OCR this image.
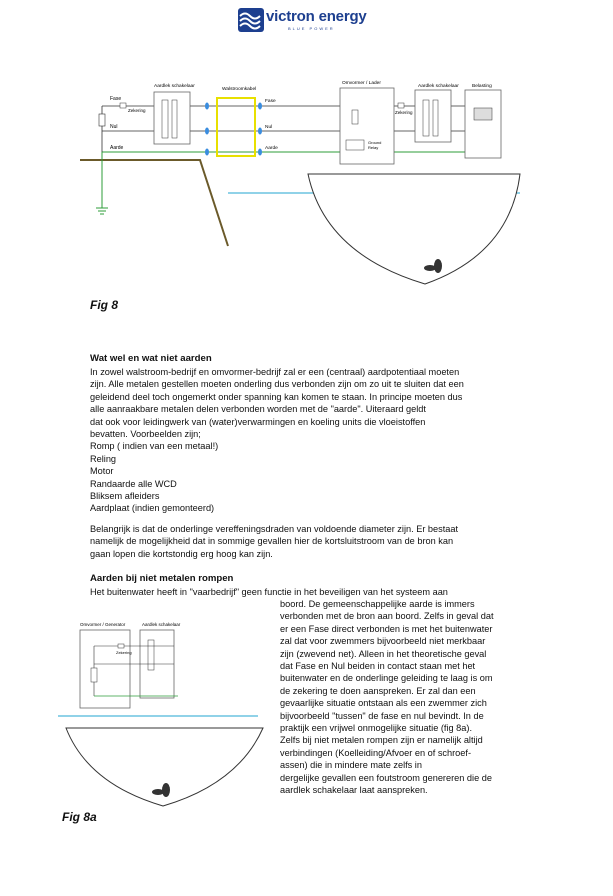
victron energy
BLUE POWER
Fase
Nul
Aarde
Zekering
Aardlek schakelaar
Walstroomkabel
Fase
Nul
Aarde
Omvormer / Lader
Ground
Relay
Aardlek schakelaar
Zekering
Belasting
Fig 8
Wat wel en wat niet aarden

In zowel walstroom-bedrijf en omvormer-bedrijf zal er een (centraal) aardpotentiaal moeten

zijn. Alle metalen gestellen moeten onderling dus verbonden zijn om zo uit te sluiten dat een

geleidend deel toch ongemerkt onder spanning kan komen te staan. In principe moeten dus

alle aanraakbare metalen delen verbonden worden met de "aarde". Uiteraard geldt

dat ook voor leidingwerk van (water)verwarmingen en koeling units die vloeistoffen

bevatten. Voorbeelden zijn;

Romp ( indien van een metaal!)

Reling

Motor

Randaarde alle WCD

Bliksem afleiders

Aardplaat (indien gemonteerd)

Belangrijk is dat de onderlinge vereffeningsdraden van voldoende diameter zijn. Er bestaat

namelijk de mogelijkheid dat in sommige gevallen hier de kortsluitstroom van de bron kan

gaan lopen die kortstondig erg hoog kan zijn.

Aarden bij niet metalen rompen
Het buitenwater heeft in "vaarbedrijf" geen functie in het beveiligen van het systeem aan

boord. De gemeenschappelijke aarde is immers

verbonden met de bron aan boord. Zelfs in geval dat

er een Fase direct verbonden is met het buitenwater

zal dat voor zwemmers bijvoorbeeld niet merkbaar

zijn (zwevend net). Alleen in het theoretische geval

dat Fase en Nul beiden in contact staan met het

buitenwater en de onderlinge geleiding te laag is om

de zekering te doen aanspreken. Er zal dan een

gevaarlijke situatie ontstaan als een zwemmer zich

bijvoorbeeld "tussen" de fase en nul bevindt. In de

praktijk een vrijwel onmogelijke situatie (fig 8a).

Zelfs bij niet metalen rompen zijn er namelijk altijd

verbindingen (Koelleiding/Afvoer en of schroef-

assen) die in mindere mate zelfs in

dergelijke gevallen een foutstroom genereren die de

aardlek schakelaar laat aanspreken.

Omvormer / Generator	Aardlek schakelaar
Zekering
Fig 8a
